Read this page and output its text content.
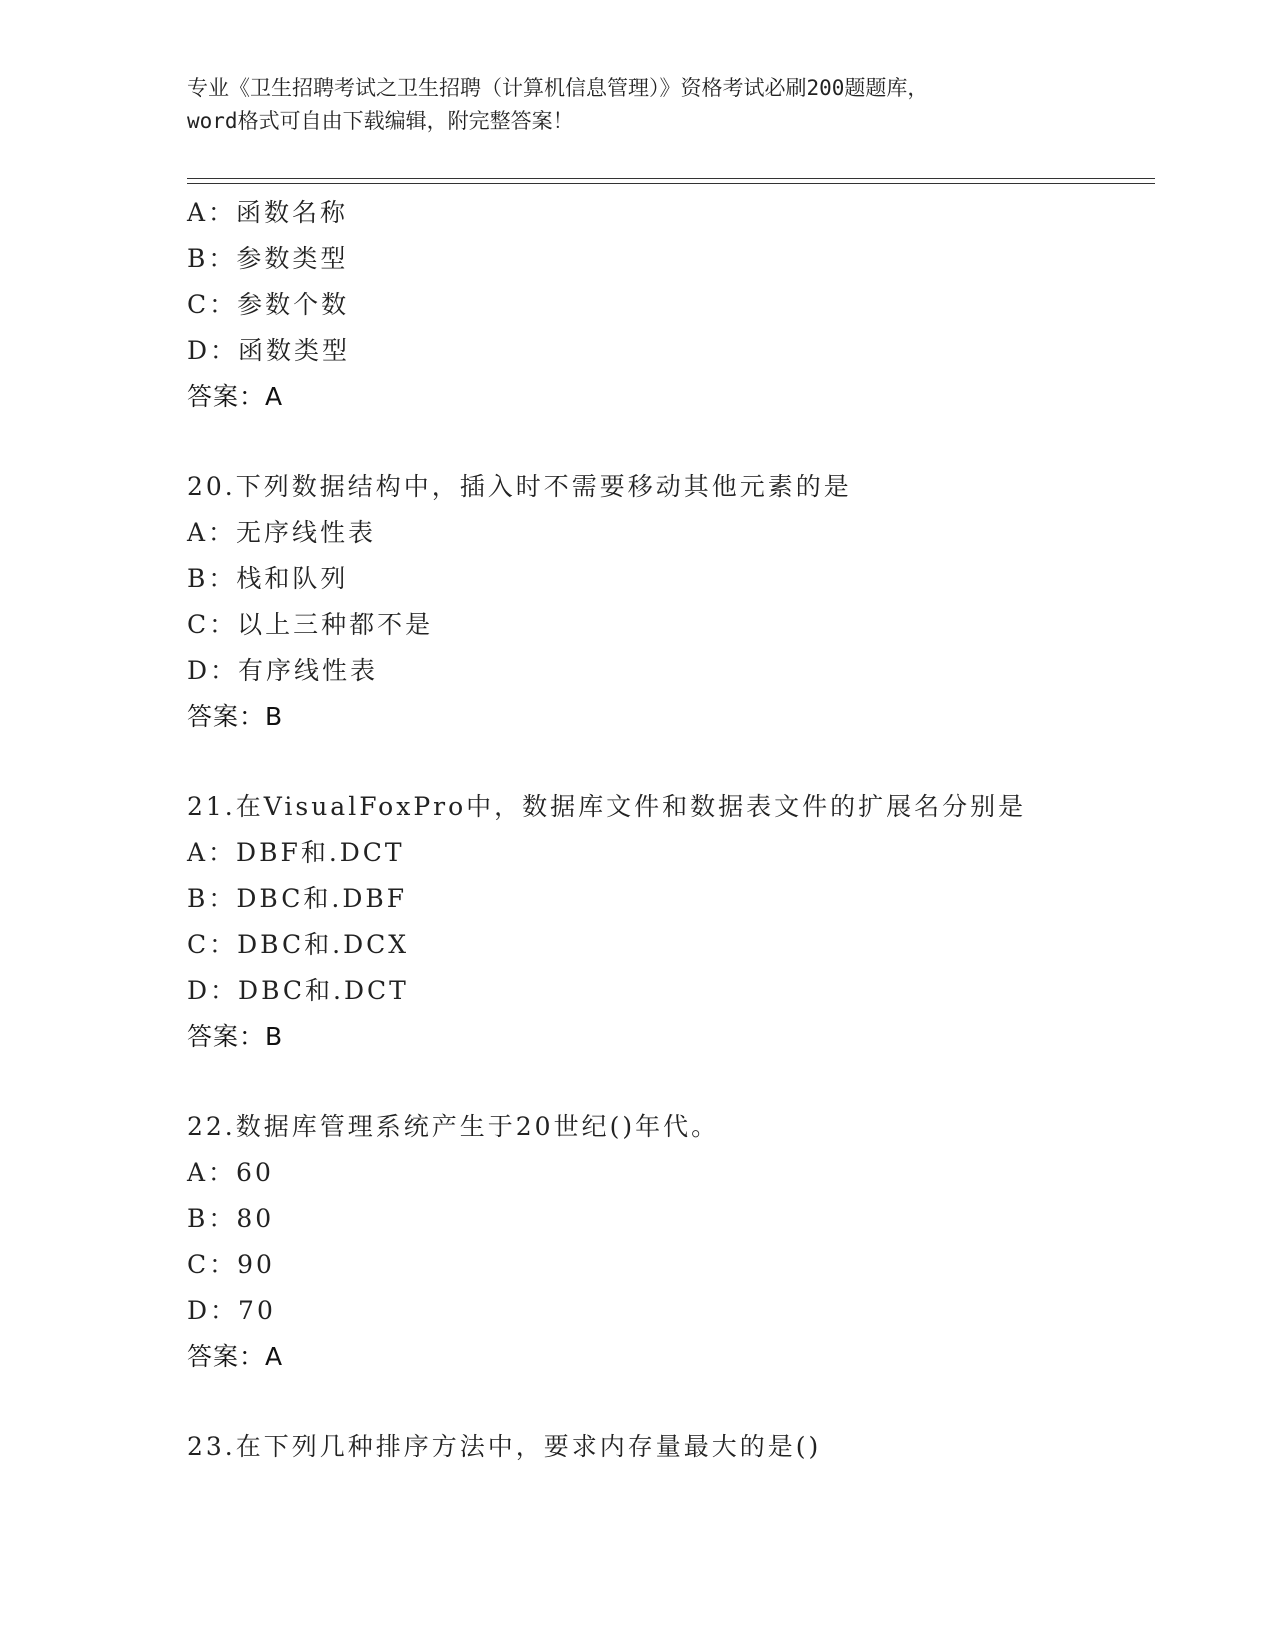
专业《卫生招聘考试之卫生招聘（计算机信息管理）》资格考试必刷200题题库，
word格式可自由下载编辑，附完整答案！
A：函数名称
B：参数类型
C：参数个数
D：函数类型
答案：A
20.下列数据结构中，插入时不需要移动其他元素的是
A：无序线性表
B：栈和队列
C：以上三种都不是
D：有序线性表
答案：B
21.在VisualFoxPro中，数据库文件和数据表文件的扩展名分别是
A：DBF和.DCT
B：DBC和.DBF
C：DBC和.DCX
D：DBC和.DCT
答案：B
22.数据库管理系统产生于20世纪()年代。
A：60
B：80
C：90
D：70
答案：A
23.在下列几种排序方法中，要求内存量最大的是()
